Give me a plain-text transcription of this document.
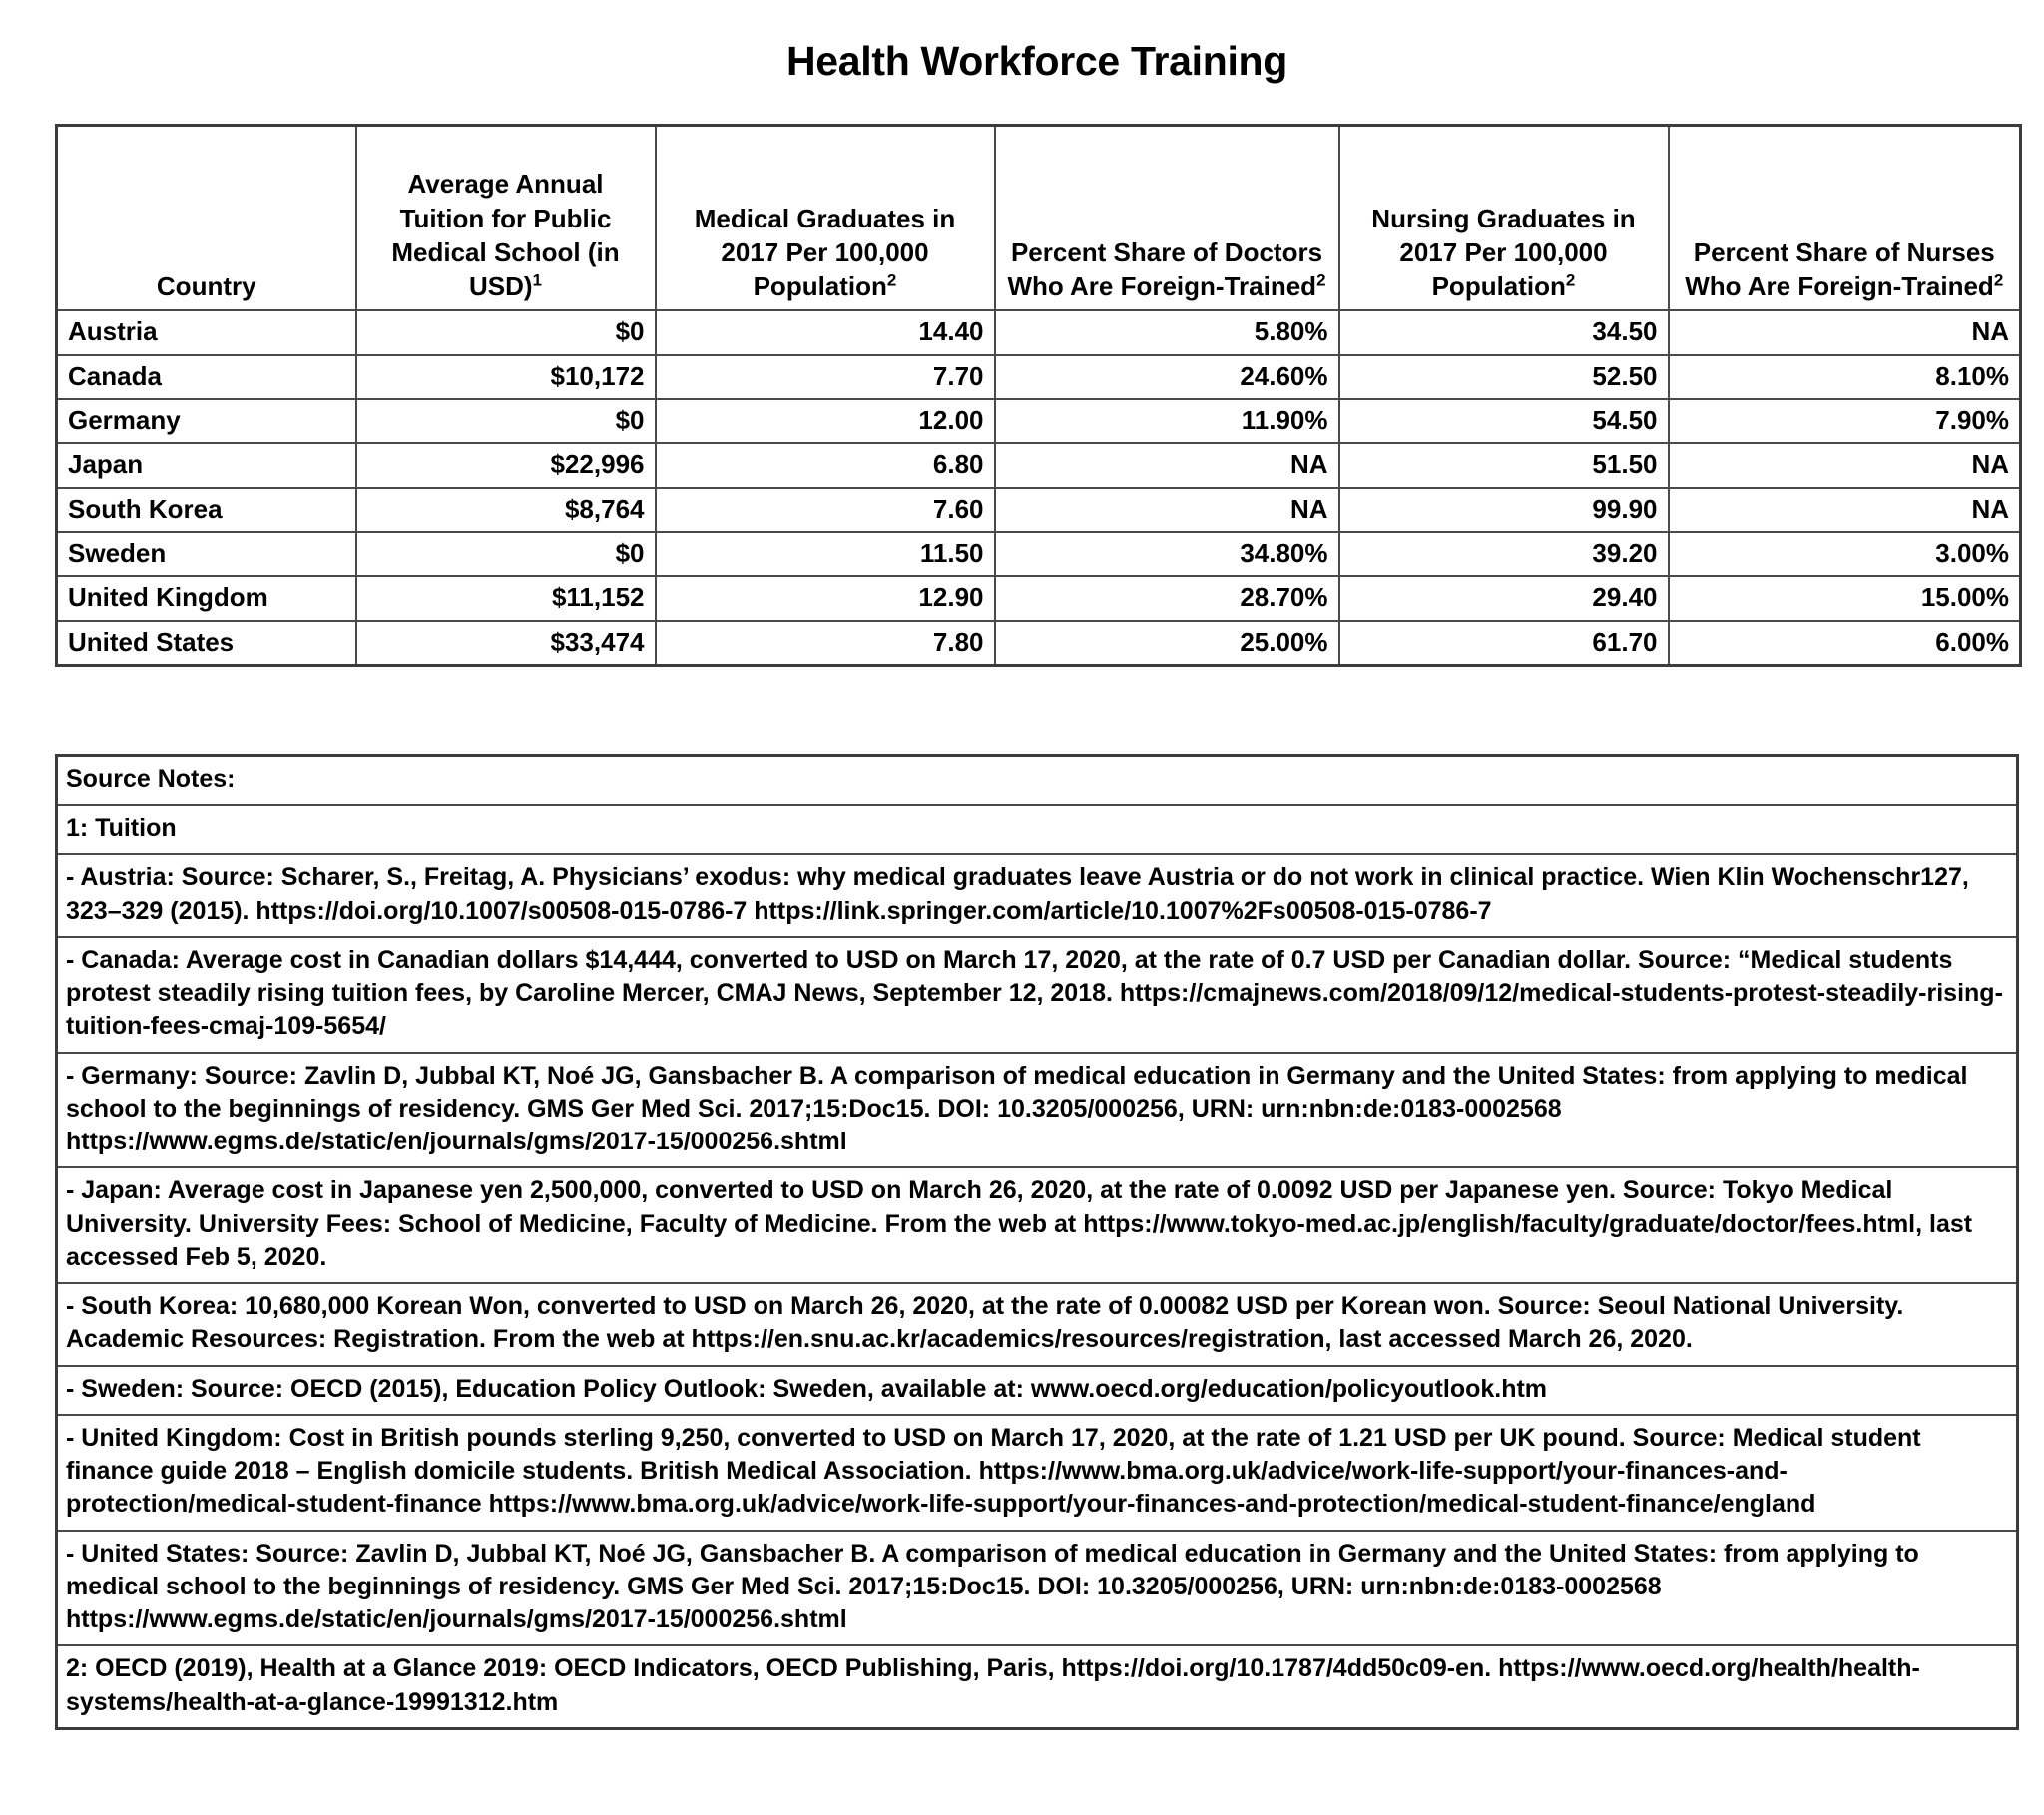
Health Workforce Training
Country	Average Annual Tuition for Public Medical School (in USD)$^1$	Medical Graduates in 2017 Per 100,000 Population$^2$	Percent Share of Doctors Who Are Foreign-Trained$^2$	Nursing Graduates in 2017 Per 100,000 Population$^2$	Percent Share of Nurses Who Are Foreign-Trained$^2$
Austria	$0	14.40	5.80%	34.50	NA
Canada	$10,172	7.70	24.60%	52.50	8.10%
Germany	$0	12.00	11.90%	54.50	7.90%
Japan	$22,996	6.80	NA	51.50	NA
South Korea	$8,764	7.60	NA	99.90	NA
Sweden	$0	11.50	34.80%	39.20	3.00%
United Kingdom	$11,152	12.90	28.70%	29.40	15.00%
United States	$33,474	7.80	25.00%	61.70	6.00%
Source Notes:
1: Tuition
- Austria: Source: Scharer, S., Freitag, A. Physicians’ exodus: why medical graduates leave Austria or do not work in clinical practice. Wien Klin Wochenschr127, 323–329 (2015). https://doi.org/10.1007/s00508-015-0786-7 https://link.springer.com/article/10.1007%2Fs00508-015-0786-7
- Canada: Average cost in Canadian dollars $14,444, converted to USD on March 17, 2020, at the rate of 0.7 USD per Canadian dollar. Source: “Medical students protest steadily rising tuition fees, by Caroline Mercer, CMAJ News, September 12, 2018. https://cmajnews.com/2018/09/12/medical-students-protest-steadily-rising-tuition-fees-cmaj-109-5654/
- Germany: Source: Zavlin D, Jubbal KT, Noé JG, Gansbacher B. A comparison of medical education in Germany and the United States: from applying to medical school to the beginnings of residency. GMS Ger Med Sci. 2017;15:Doc15. DOI: 10.3205/000256, URN: urn:nbn:de:0183-0002568 https://www.egms.de/static/en/journals/gms/2017-15/000256.shtml
- Japan: Average cost in Japanese yen 2,500,000, converted to USD on March 26, 2020, at the rate of 0.0092 USD per Japanese yen. Source: Tokyo Medical University. University Fees: School of Medicine, Faculty of Medicine. From the web at https://www.tokyo-med.ac.jp/english/faculty/graduate/doctor/fees.html, last accessed Feb 5, 2020.
- South Korea: 10,680,000 Korean Won, converted to USD on March 26, 2020, at the rate of 0.00082 USD per Korean won. Source: Seoul National University. Academic Resources: Registration. From the web at https://en.snu.ac.kr/academics/resources/registration, last accessed March 26, 2020.
- Sweden: Source: OECD (2015), Education Policy Outlook: Sweden, available at: www.oecd.org/education/policyoutlook.htm
- United Kingdom: Cost in British pounds sterling 9,250, converted to USD on March 17, 2020, at the rate of 1.21 USD per UK pound. Source: Medical student finance guide 2018 – English domicile students. British Medical Association. https://www.bma.org.uk/advice/work-life-support/your-finances-and-protection/medical-student-finance https://www.bma.org.uk/advice/work-life-support/your-finances-and-protection/medical-student-finance/england
- United States: Source: Zavlin D, Jubbal KT, Noé JG, Gansbacher B. A comparison of medical education in Germany and the United States: from applying to medical school to the beginnings of residency. GMS Ger Med Sci. 2017;15:Doc15. DOI: 10.3205/000256, URN: urn:nbn:de:0183-0002568 https://www.egms.de/static/en/journals/gms/2017-15/000256.shtml
2: OECD (2019), Health at a Glance 2019: OECD Indicators, OECD Publishing, Paris, https://doi.org/10.1787/4dd50c09-en. https://www.oecd.org/health/health-systems/health-at-a-glance-19991312.htm
